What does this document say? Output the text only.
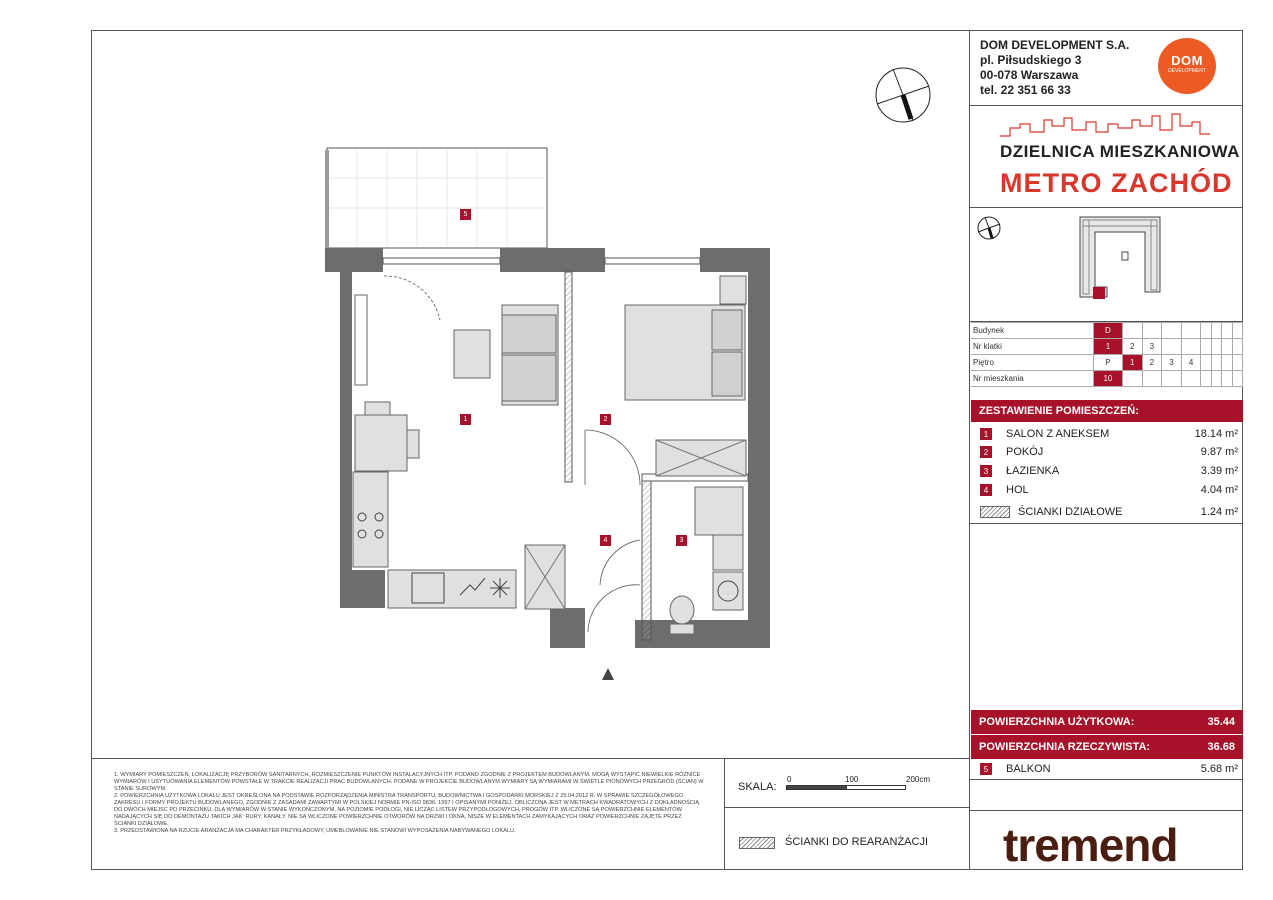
DOM DEVELOPMENT S.A.
pl. Piłsudskiego 3
00-078 Warszawa
tel. 22 351 66 33
DOM
DEVELOPMENT
DZIELNICA MIESZKANIOWA
METRO ZACHÓD
Budynek	D								
Nr klatki	1	2	3						
Piętro	P	1	2	3	4				
Nr mieszkania	10								
ZESTAWIENIE POMIESZCZEŃ:
1	SALON Z ANEKSEM	18.14 m²
2	POKÓJ	9.87 m²
3	ŁAZIENKA	3.39 m²
4	HOL	4.04 m²
ŚCIANKI DZIAŁOWE	1.24 m²
POWIERZCHNIA UŻYTKOWA:	35.44
POWIERZCHNIA RZECZYWISTA:	36.68
5	BALKON	5.68 m²
1. WYMIARY POMIESZCZEŃ, LOKALIZACJĘ PRZYBORÓW SANITARNYCH, ROZMIESZCZENIE PUNKTÓW INSTALACYJNYCH ITP. PODANO ZGODNIE Z PROJEKTEM BUDOWLANYM. MOGĄ WYSTĄPIĆ NIEWIELKIE RÓŻNICE WYMIARÓW I USYTUOWANIA ELEMENTÓW POWSTAŁE W TRAKCIE REALIZACJI PRAC BUDOWLANYCH. PODANE W PROJEKCIE BUDOWLANYM WYMIARY SĄ WYMIARAMI W ŚWIETLE PIONOWYCH PRZEGRÓD (ŚCIAN) W STANIE SUROWYM.
2. POWIERZCHNIA UŻYTKOWA LOKALU JEST OKREŚLONA NA PODSTAWIE ROZPORZĄDZENIA MINISTRA TRANSPORTU, BUDOWNICTWA I GOSPODARKI MORSKIEJ Z 25.04.2012 R. W SPRAWIE SZCZEGÓŁOWEGO ZAKRESU I FORMY PROJEKTU BUDOWLANEGO, ZGODNIE Z ZASADAMI ZAWARTYMI W POLSKIEJ NORMIE PN-ISO 9836: 1997 I OPISANYMI PONIŻEJ. OBLICZONA JEST W METRACH KWADRATOWYCH Z DOKŁADNOŚCIĄ DO DWÓCH MIEJSC PO PRZECINKU, DLA WYMIARÓW W STANIE WYKOŃCZONYM, NA POZIOMIE PODŁOGI, NIE LICZĄC LISTEW PRZYPODŁOGOWYCH, PROGÓW ITP. WLICZONE SĄ POWIERZCHNIE ELEMENTÓW NADAJĄCYCH SIĘ DO DEMONTAŻU TAKICH JAK: RURY, KANAŁY. NIE SĄ WLICZONE POWIERZCHNIE OTWORÓW NA DRZWI I OKNA, NISZE W ELEMENTACH ZAMYKAJĄCYCH ORAZ POWIERZCHNIE ZAJĘTE PRZEZ ŚCIANKI DZIAŁOWE.
3. PRZEDSTAWIONA NA RZUCIE ARANŻACJA MA CHARAKTER PRZYKŁADOWY, UMEBLOWANIE NIE STANOWI WYPOSAŻENIA NABYWANEGO LOKALU.
SKALA:
0	100	200cm
ŚCIANKI DO REARANŻACJI tremend
5
1	2
3
4
